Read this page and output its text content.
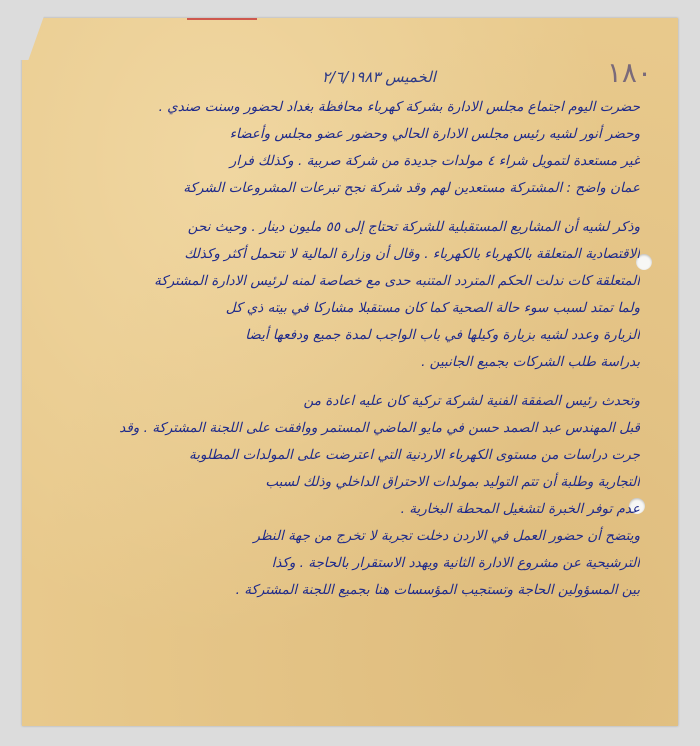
١٨٠
الخميس ٢/٦/١٩٨٣
حضرت اليوم اجتماع مجلس الادارة بشركة كهرباء محافظة بغداد لحضور وسنت صندي .
وحضر أنور لشيه رئيس مجلس الادارة الحالي وحضور عضو مجلس وأعضاء
غير مستعدة لتمويل شراء ٤ مولدات جديدة من شركة صربية . وكذلك فرار
عمان واضح : المشتركة مستعدين لهم وقد شركة نجح تبرعات المشروعات الشركة
وذكر لشيه أن المشاريع المستقبلية للشركة تحتاج إلى ٥٥ مليون دينار . وحيث نحن
الاقتصادية المتعلقة بالكهرباء بالكهرباء . وقال أن وزارة المالية لا تتحمل أكثر وكذلك
المتعلقة كات ندلت الحكم المتردد المتنبه حدى مع خصاصة لمنه لرئيس الادارة المشتركة
ولما تمتد لسبب سوء حالة الصحية كما كان مستقبلا مشاركا في بيته ذي كل
الزيارة وعدد لشيه بزيارة وكيلها في باب الواجب لمدة جميع ودفعها أيضا
بدراسة طلب الشركات بجميع الجانبين .
وتحدث رئيس الصفقة الفنية لشركة تركية كان عليه اعادة من
قبل المهندس عبد الصمد حسن في مايو الماضي المستمر ووافقت على اللجنة المشتركة . وقد
جرت دراسات من مستوى الكهرباء الاردنية التي اعترضت على المولدات المطلوبة
التجارية وطلبة أن تتم التوليد بمولدات الاحتراق الداخلي وذلك لسبب
عدم توفر الخبرة لتشغيل المحطة البخارية .
ويتضح أن حضور العمل في الاردن دخلت تجربة لا تخرج من جهة النظر
الترشيحية عن مشروع الادارة الثانية ويهدد الاستقرار بالحاجة . وكذا
بين المسؤولين الحاجة وتستجيب المؤسسات هنا بجميع اللجنة المشتركة .
